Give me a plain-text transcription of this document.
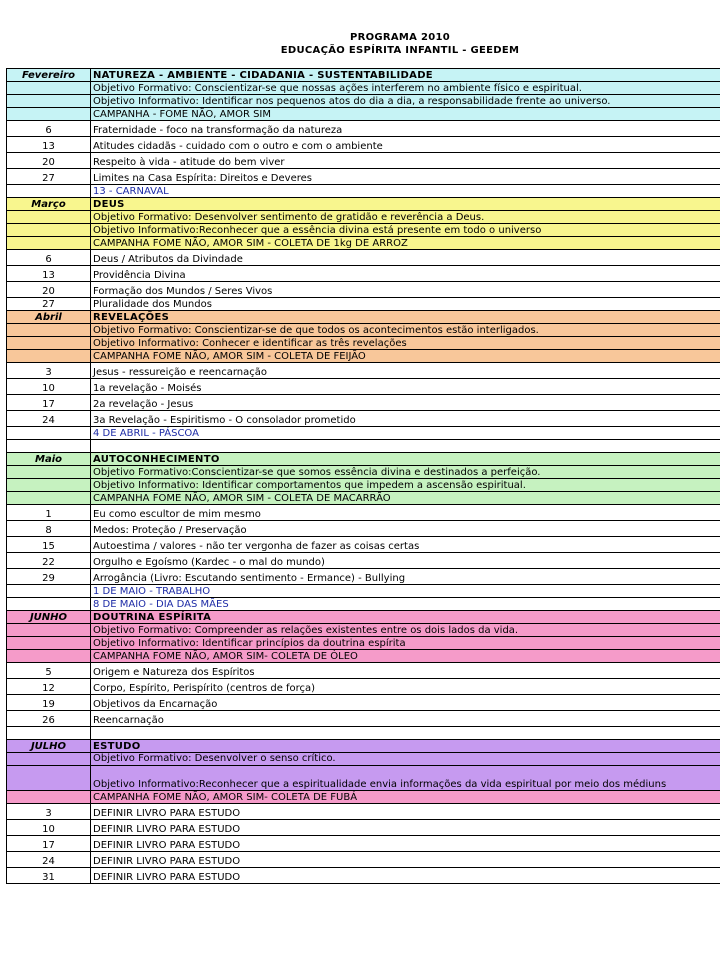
PROGRAMA 2010
EDUCAÇÃO ESPÍRITA INFANTIL - GEEDEM
Fevereiro	NATUREZA - AMBIENTE - CIDADANIA - SUSTENTABILIDADE
	Objetivo Formativo: Conscientizar-se que nossas ações interferem no ambiente físico e espiritual.
	Objetivo Informativo: Identificar nos pequenos atos do dia a dia, a responsabilidade frente ao universo.
	CAMPANHA - FOME NÃO, AMOR SIM
6	Fraternidade - foco na transformação da natureza
13	Atitudes cidadãs - cuidado com o outro e com o ambiente
20	Respeito à vida - atitude do bem viver
27	Limites na Casa Espírita: Direitos e Deveres
	13 - CARNAVAL
Março	DEUS
	Objetivo Formativo: Desenvolver sentimento de gratidão e reverência a Deus.
	Objetivo Informativo:Reconhecer que a essência divina está presente em todo o universo
	CAMPANHA FOME NÃO, AMOR SIM - COLETA DE 1kg DE ARROZ
6	Deus / Atributos da Divindade
13	Providência Divina
20	Formação dos Mundos / Seres Vivos
27	Pluralidade dos Mundos
Abril	REVELAÇÕES
	Objetivo Formativo: Conscientizar-se de que todos os acontecimentos estão interligados.
	Objetivo Informativo: Conhecer e identificar as três revelações
	CAMPANHA FOME NÃO, AMOR SIM - COLETA DE FEIJÃO
3	Jesus - ressureição e reencarnação
10	1a revelação - Moisés
17	2a revelação - Jesus
24	3a Revelação - Espiritismo - O consolador prometido
	4 DE ABRIL - PÁSCOA

Maio	AUTOCONHECIMENTO
	Objetivo Formativo:Conscientizar-se que somos essência divina e destinados a perfeição.
	Objetivo Informativo: Identificar comportamentos que impedem a ascensão espiritual.
	CAMPANHA FOME NÃO, AMOR SIM - COLETA DE MACARRÃO
1	Eu como escultor de mim mesmo
8	Medos: Proteção / Preservação
15	Autoestima / valores - não ter vergonha de fazer as coisas certas
22	Orgulho e Egoísmo (Kardec - o mal do mundo)
29	Arrogância (Livro: Escutando sentimento - Ermance) - Bullying
	1 DE MAIO - TRABALHO
	8 DE MAIO - DIA DAS MÃES
JUNHO	DOUTRINA ESPÍRITA
	Objetivo Formativo: Compreender as relações existentes entre os dois lados da vida.
	Objetivo Informativo: Identificar princípios da doutrina espírita
	CAMPANHA FOME NÃO, AMOR SIM- COLETA DE ÓLEO
5	Origem e Natureza dos Espíritos
12	Corpo, Espírito, Perispírito (centros de força)
19	Objetivos da Encarnação
26	Reencarnação

JULHO	ESTUDO
	Objetivo Formativo: Desenvolver o senso crítico.
	Objetivo Informativo:Reconhecer que a espiritualidade envia informações da vida espiritual por meio dos médiuns
	CAMPANHA FOME NÃO, AMOR SIM- COLETA DE FUBÁ
3	DEFINIR LIVRO PARA ESTUDO
10	DEFINIR LIVRO PARA ESTUDO
17	DEFINIR LIVRO PARA ESTUDO
24	DEFINIR LIVRO PARA ESTUDO
31	DEFINIR LIVRO PARA ESTUDO
